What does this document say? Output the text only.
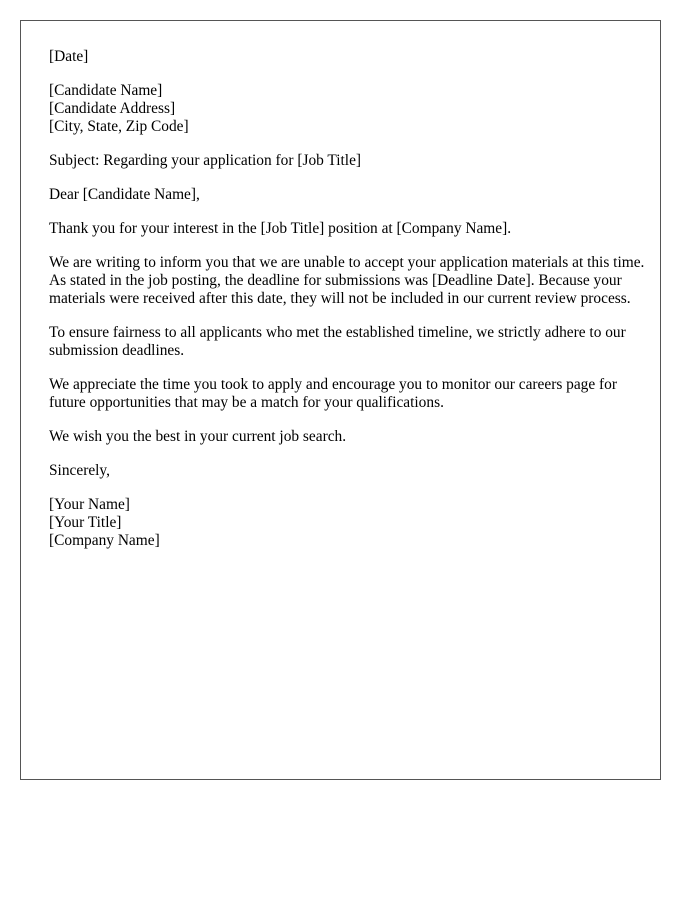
[Date]

[Candidate Name]
[Candidate Address]
[City, State, Zip Code]

Subject: Regarding your application for [Job Title]

Dear [Candidate Name],

Thank you for your interest in the [Job Title] position at [Company Name].

We are writing to inform you that we are unable to accept your application materials at this time. As stated in the job posting, the deadline for submissions was [Deadline Date]. Because your materials were received after this date, they will not be included in our current review process.

To ensure fairness to all applicants who met the established timeline, we strictly adhere to our submission deadlines.

We appreciate the time you took to apply and encourage you to monitor our careers page for future opportunities that may be a match for your qualifications.

We wish you the best in your current job search.

Sincerely,

[Your Name]
[Your Title]
[Company Name]
